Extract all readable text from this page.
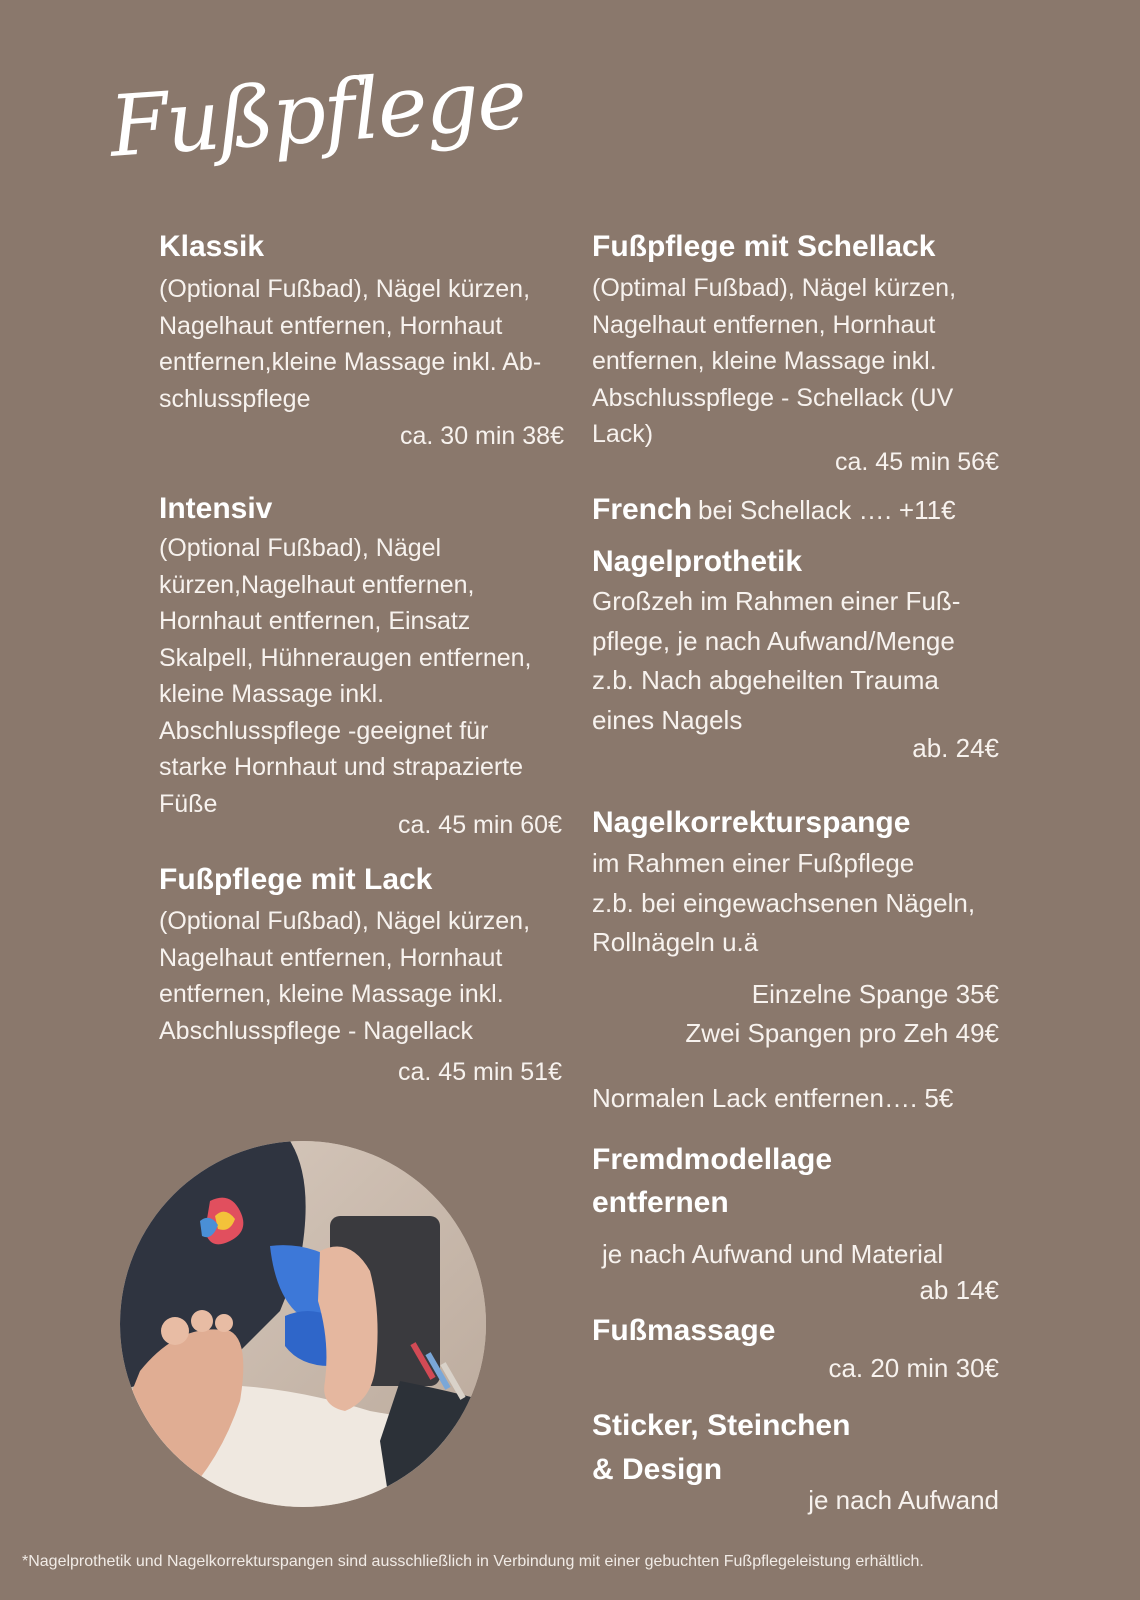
Fußpflege
Klassik
(Optional Fußbad), Nägel kürzen,
Nagelhaut entfernen, Hornhaut
entfernen,kleine Massage inkl. Ab-
schlusspflege
ca. 30 min 38€
Intensiv
(Optional Fußbad), Nägel
kürzen,Nagelhaut entfernen,
Hornhaut entfernen, Einsatz
Skalpell, Hühneraugen entfernen,
kleine Massage inkl.
Abschlusspflege -geeignet für
starke Hornhaut und strapazierte
Füße
ca. 45 min 60€
Fußpflege mit Lack
(Optional Fußbad), Nägel kürzen,
Nagelhaut entfernen, Hornhaut
entfernen, kleine Massage inkl.
Abschlusspflege - Nagellack
ca. 45 min 51€
Fußpflege mit Schellack
(Optimal Fußbad), Nägel kürzen,
Nagelhaut entfernen, Hornhaut
entfernen, kleine Massage inkl.
Abschlusspflege - Schellack (UV
Lack)
ca. 45 min 56€
French bei Schellack …. +11€
Nagelprothetik
Großzeh im Rahmen einer Fuß-
pflege, je nach Aufwand/Menge
z.b. Nach abgeheilten Trauma
eines Nagels
ab. 24€
Nagelkorrekturspange
im Rahmen einer Fußpflege
z.b. bei eingewachsenen Nägeln,
Rollnägeln u.ä
Einzelne Spange 35€
Zwei Spangen pro Zeh 49€
Normalen Lack entfernen…. 5€
Fremdmodellage
entfernen
je nach Aufwand und Material
ab 14€
Fußmassage
ca. 20 min 30€
Sticker, Steinchen
& Design
je nach Aufwand
*Nagelprothetik und Nagelkorrekturspangen sind ausschließlich in Verbindung mit einer gebuchten Fußpflegeleistung erhältlich.
